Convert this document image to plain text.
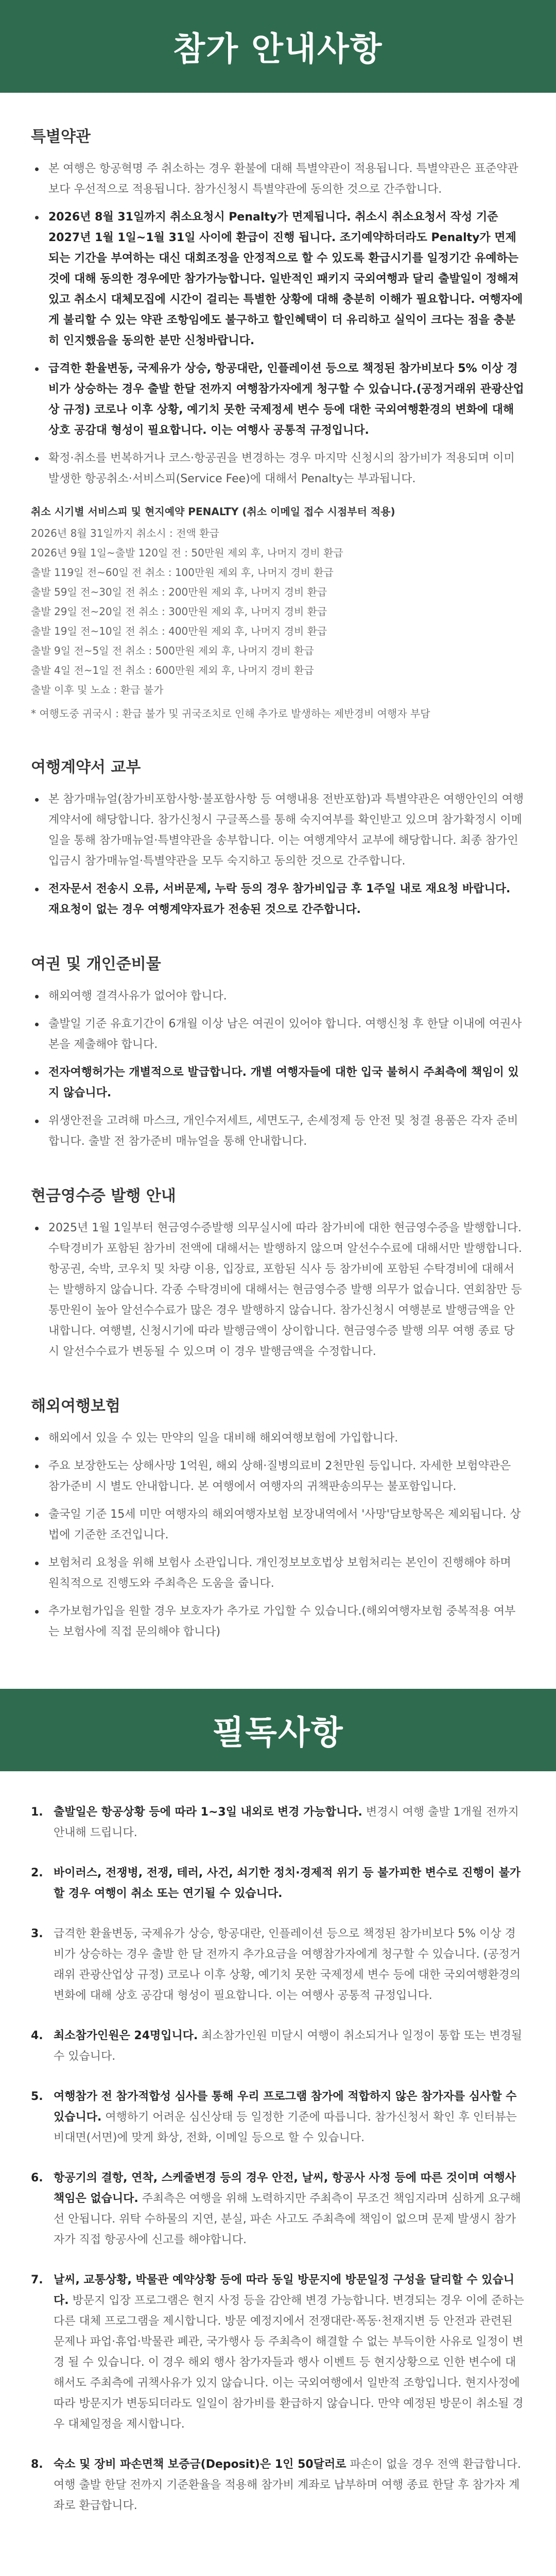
참가 안내사항
특별약관
본 여행은 항공혁명 주 취소하는 경우 환불에 대해 특별약관이 적용됩니다. 특별약관은 표준약관보다 우선적으로 적용됩니다. 참가신청시 특별약관에 동의한 것으로 간주합니다.
2026년 8월 31일까지 취소요청시 Penalty가 면제됩니다. 취소시 취소요청서 작성 기준 2027년 1월 1일~1월 31일 사이에 환급이 진행 됩니다. 조기예약하더라도 Penalty가 면제되는 기간을 부여하는 대신 대회조정을 안정적으로 할 수 있도록 환급시기를 일정기간 유예하는 것에 대해 동의한 경우에만 참가가능합니다. 일반적인 패키지 국외여행과 달리 출발일이 정해져 있고 취소시 대체모집에 시간이 걸리는 특별한 상황에 대해 충분히 이해가 필요합니다. 여행자에게 불리할 수 있는 약관 조항임에도 불구하고 할인혜택이 더 유리하고 실익이 크다는 점을 충분히 인지했음을 동의한 분만 신청바랍니다.
급격한 환율변동, 국제유가 상승, 항공대란, 인플레이션 등으로 책정된 참가비보다 5% 이상 경비가 상승하는 경우 출발 한달 전까지 여행참가자에게 청구할 수 있습니다.(공정거래위 관광산업상 규정) 코로나 이후 상황, 예기치 못한 국제정세 변수 등에 대한 국외여행환경의 변화에 대해 상호 공감대 형성이 필요합니다. 이는 여행사 공통적 규정입니다.
확정·취소를 번복하거나 코스·항공권을 변경하는 경우 마지막 신청시의 참가비가 적용되며 이미 발생한 항공취소·서비스피(Service Fee)에 대해서 Penalty는 부과됩니다.
취소 시기별 서비스피 및 현지예약 PENALTY (취소 이메일 접수 시점부터 적용)
2026년 8월 31일까지 취소시 : 전액 환급
2026년 9월 1일~출발 120일 전 : 50만원 제외 후, 나머지 경비 환급
출발 119일 전~60일 전 취소 : 100만원 제외 후, 나머지 경비 환급
출발 59일 전~30일 전 취소 : 200만원 제외 후, 나머지 경비 환급
출발 29일 전~20일 전 취소 : 300만원 제외 후, 나머지 경비 환급
출발 19일 전~10일 전 취소 : 400만원 제외 후, 나머지 경비 환급
출발 9일 전~5일 전 취소 : 500만원 제외 후, 나머지 경비 환급
출발 4일 전~1일 전 취소 : 600만원 제외 후, 나머지 경비 환급
출발 이후 및 노쇼 : 환급 불가
* 여행도중 귀국시 : 환급 불가 및 귀국조치로 인해 추가로 발생하는 제반경비 여행자 부담
여행계약서 교부
본 참가매뉴얼(참가비포함사항·불포함사항 등 여행내용 전반포함)과 특별약관은 여행안인의 여행계약서에 해당합니다. 참가신청시 구글폭스를 통해 숙지여부를 확인받고 있으며 참가확정시 이메일을 통해 참가매뉴얼·특별약관을 송부합니다. 이는 여행계약서 교부에 해당합니다. 최종 참가인입금시 참가매뉴얼·특별약관을 모두 숙지하고 동의한 것으로 간주합니다.
전자문서 전송시 오류, 서버문제, 누락 등의 경우 참가비입금 후 1주일 내로 재요청 바랍니다. 재요청이 없는 경우 여행계약자료가 전송된 것으로 간주합니다.
여권 및 개인준비물
해외여행 결격사유가 없어야 합니다.
출발일 기준 유효기간이 6개월 이상 남은 여권이 있어야 합니다. 여행신청 후 한달 이내에 여권사본을 제출해야 합니다.
전자여행허가는 개별적으로 발급합니다. 개별 여행자들에 대한 입국 불허시 주최측에 책임이 있지 않습니다.
위생안전을 고려해 마스크, 개인수저세트, 세면도구, 손세정제 등 안전 및 청결 용품은 각자 준비합니다. 출발 전 참가준비 매뉴얼을 통해 안내합니다.
현금영수증 발행 안내
2025년 1월 1일부터 현금영수증발행 의무실시에 따라 참가비에 대한 현금영수증을 발행합니다. 수탁경비가 포함된 참가비 전액에 대해서는 발행하지 않으며 알선수수료에 대해서만 발행합니다. 항공권, 숙박, 코우치 및 차량 이용, 입장료, 포함된 식사 등 참가비에 포함된 수탁경비에 대해서는 발행하지 않습니다. 각종 수탁경비에 대해서는 현금영수증 발행 의무가 없습니다. 연회참만 등 통만원이 높아 알선수수료가 많은 경우 발행하지 않습니다. 참가신청시 여행분로 발행금액을 안내합니다. 여행별, 신청시기에 따라 발행금액이 상이합니다. 현금영수증 발행 의무 여행 종료 당시 알선수수료가 변동될 수 있으며 이 경우 발행금액을 수정합니다.
해외여행보험
해외에서 있을 수 있는 만약의 일을 대비해 해외여행보험에 가입합니다.
주요 보장한도는 상해사망 1억원, 해외 상해·질병의료비 2천만원 등입니다. 자세한 보험약관은 참가준비 시 별도 안내합니다. 본 여행에서 여행자의 귀책판송의무는 불포함입니다.
출국일 기준 15세 미만 여행자의 해외여행자보험 보장내역에서 '사망'담보항목은 제외됩니다. 상법에 기준한 조건입니다.
보험처리 요청을 위해 보험사 소관입니다. 개인정보보호법상 보험처리는 본인이 진행해야 하며 원칙적으로 진행도와 주최측은 도움을 줍니다.
추가보험가입을 원할 경우 보호자가 추가로 가입할 수 있습니다.(해외여행자보험 중복적용 여부는 보험사에 직접 문의해야 합니다)
필독사항
1. 출발일은 항공상황 등에 따라 1~3일 내외로 변경 가능합니다. 변경시 여행 출발 1개월 전까지 안내해 드립니다.
2. 바이러스, 전쟁병, 전쟁, 테러, 사건, 쇠기한 정치·경제적 위기 등 불가피한 변수로 진행이 불가할 경우 여행이 취소 또는 연기될 수 있습니다.
3. 급격한 환율변동, 국제유가 상승, 항공대란, 인플레이션 등으로 책정된 참가비보다 5% 이상 경비가 상승하는 경우 출발 한 달 전까지 추가요금을 여행참가자에게 청구할 수 있습니다. (공정거래위 관광산업상 규정) 코로나 이후 상황, 예기치 못한 국제정세 변수 등에 대한 국외여행환경의 변화에 대해 상호 공감대 형성이 필요합니다. 이는 여행사 공통적 규정입니다.
4. 최소참가인원은 24명입니다. 최소참가인원 미달시 여행이 취소되거나 일정이 통합 또는 변경될 수 있습니다.
5. 여행참가 전 참가적합성 심사를 통해 우리 프로그램 참가에 적합하지 않은 참가자를 심사할 수 있습니다. 여행하기 어려운 심신상태 등 일정한 기준에 따릅니다. 참가신청서 확인 후 인터뷰는 비대면(서면)에 맞게 화상, 전화, 이메일 등으로 할 수 있습니다.
6. 항공기의 결항, 연착, 스케줄변경 등의 경우 안전, 날씨, 항공사 사정 등에 따른 것이며 여행사 책임은 없습니다. 주최측은 여행을 위해 노력하지만 주최측이 무조건 책임지라며 심하게 요구해선 안됩니다. 위탁 수하물의 지연, 분실, 파손 사고도 주최측에 책임이 없으며 문제 발생시 참가자가 직접 항공사에 신고를 해야합니다.
7. 날씨, 교통상황, 박물관 예약상황 등에 따라 동일 방문지에 방문일정 구성을 달리할 수 있습니다. 방문지 입장 프로그램은 현지 사정 등을 감안해 변경 가능합니다. 변경되는 경우 이에 준하는 다른 대체 프로그램을 제시합니다. 방문 예정지에서 전쟁대란·폭동·천재지변 등 안전과 관련된 문제나 파업·휴업·박물관 폐관, 국가행사 등 주최측이 해결할 수 없는 부득이한 사유로 일정이 변경 될 수 있습니다. 이 경우 해외 행사 참가자들과 행사 이벤트 등 현지상황으로 인한 변수에 대해서도 주최측에 귀책사유가 있지 않습니다. 이는 국외여행에서 일반적 조항입니다. 현지사정에 따라 방문지가 변동되더라도 일일이 참가비를 환급하지 않습니다. 만약 예정된 방문이 취소될 경우 대체일정을 제시합니다.
8. 숙소 및 장비 파손면책 보증금(Deposit)은 1인 50달러로 파손이 없을 경우 전액 환급합니다. 여행 출발 한달 전까지 기준환율을 적용해 참가비 계좌로 납부하며 여행 종료 한달 후 참가자 계좌로 환급합니다.
